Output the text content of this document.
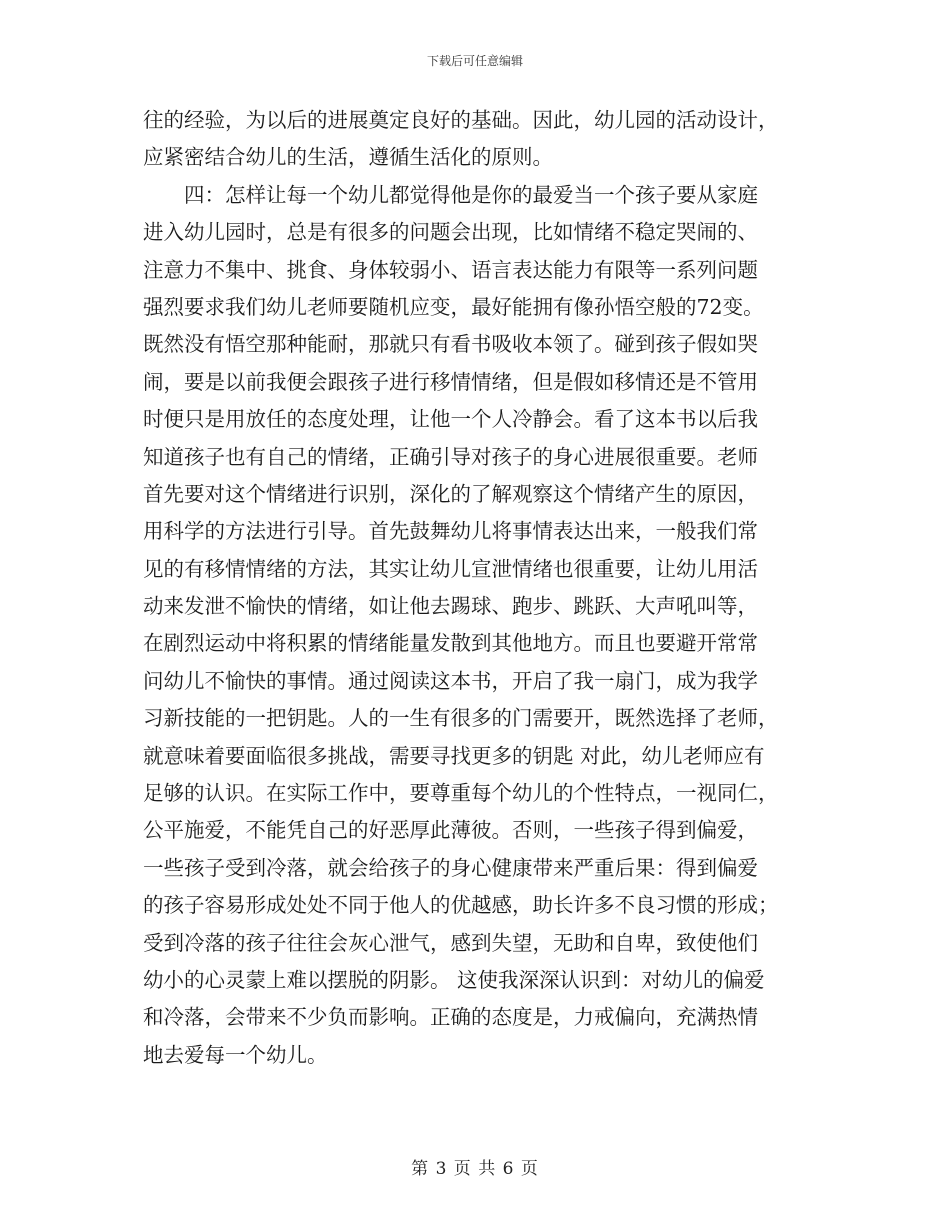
下载后可任意编辑
往的经验，为以后的进展奠定良好的基础。因此，幼儿园的活动设计，
应紧密结合幼儿的生活，遵循生活化的原则。
　　四：怎样让每一个幼儿都觉得他是你的最爱当一个孩子要从家庭
进入幼儿园时，总是有很多的问题会出现，比如情绪不稳定哭闹的、
注意力不集中、挑食、身体较弱小、语言表达能力有限等一系列问题
强烈要求我们幼儿老师要随机应变，最好能拥有像孙悟空般的72变。
既然没有悟空那种能耐，那就只有看书吸收本领了。碰到孩子假如哭
闹，要是以前我便会跟孩子进行移情情绪，但是假如移情还是不管用
时便只是用放任的态度处理，让他一个人冷静会。看了这本书以后我
知道孩子也有自己的情绪，正确引导对孩子的身心进展很重要。老师
首先要对这个情绪进行识别，深化的了解观察这个情绪产生的原因，
用科学的方法进行引导。首先鼓舞幼儿将事情表达出来，一般我们常
见的有移情情绪的方法，其实让幼儿宣泄情绪也很重要，让幼儿用活
动来发泄不愉快的情绪，如让他去踢球、跑步、跳跃、大声吼叫等，
在剧烈运动中将积累的情绪能量发散到其他地方。而且也要避开常常
问幼儿不愉快的事情。通过阅读这本书，开启了我一扇门，成为我学
习新技能的一把钥匙。人的一生有很多的门需要开，既然选择了老师，
就意味着要面临很多挑战，需要寻找更多的钥匙 对此，幼儿老师应有
足够的认识。在实际工作中，要尊重每个幼儿的个性特点，一视同仁，
公平施爱，不能凭自己的好恶厚此薄彼。否则，一些孩子得到偏爱，
一些孩子受到冷落，就会给孩子的身心健康带来严重后果：得到偏爱
的孩子容易形成处处不同于他人的优越感，助长许多不良习惯的形成；
受到冷落的孩子往往会灰心泄气，感到失望，无助和自卑，致使他们
幼小的心灵蒙上难以摆脱的阴影。 这使我深深认识到：对幼儿的偏爱
和冷落，会带来不少负而影响。正确的态度是，力戒偏向，充满热情
地去爱每一个幼儿。
第 3 页 共 6 页
